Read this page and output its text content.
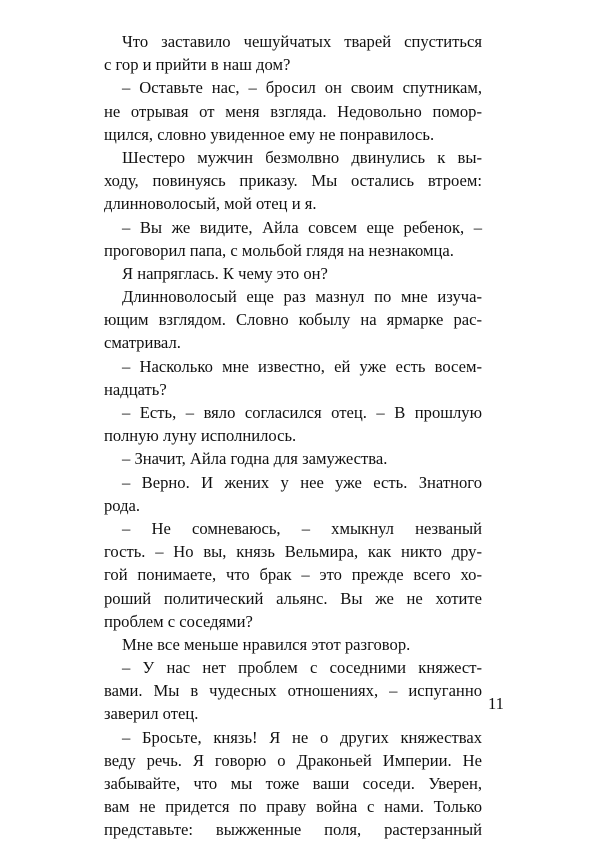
Что заставило чешуйчатых тварей спуститься
с гор и прийти в наш дом?
– Оставьте нас, – бросил он своим спутникам,
не отрывая от меня взгляда. Недовольно помор-
щился, словно увиденное ему не понравилось.
Шестеро мужчин безмолвно двинулись к вы-
ходу, повинуясь приказу. Мы остались втроем:
длинноволосый, мой отец и я.
– Вы же видите, Айла совсем еще ребенок, –
проговорил папа, с мольбой глядя на незнакомца.
Я напряглась. К чему это он?
Длинноволосый еще раз мазнул по мне изуча-
ющим взглядом. Словно кобылу на ярмарке рас-
сматривал.
– Насколько мне известно, ей уже есть восем-
надцать?
– Есть, – вяло согласился отец. – В прошлую
полную луну исполнилось.
– Значит, Айла годна для замужества.
– Верно. И жених у нее уже есть. Знатного
рода.
– Не сомневаюсь, – хмыкнул незваный
гость. – Но вы, князь Вельмира, как никто дру-
гой понимаете, что брак – это прежде всего хо-
роший политический альянс. Вы же не хотите
проблем с соседями?
Мне все меньше нравился этот разговор.
– У нас нет проблем с соседними княжест-
вами. Мы в чудесных отношениях, – испуганно
заверил отец.
– Бросьте, князь! Я не о других княжествах
веду речь. Я говорю о Драконьей Империи. Не
забывайте, что мы тоже ваши соседи. Уверен,
вам не придется по праву война с нами. Только
представьте: выжженные поля, растерзанный
11
